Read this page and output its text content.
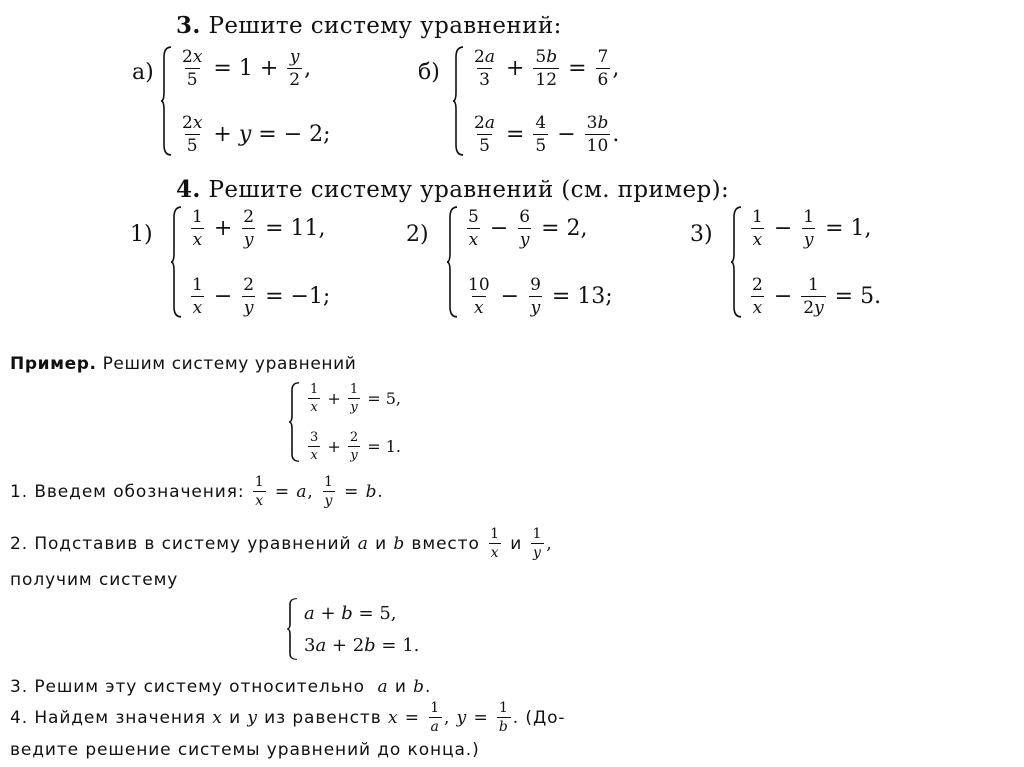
3. Решите систему уравнений:
$а) \frac{2x}{5} = 1 + \frac{y}{2}$ ,
$\frac{2x}{5} + y$ = − 2;
$б) \frac{2a}{3} + \frac{5b}{12} = \frac{7}{6}$ ,
$\frac{2a}{5} = \frac{4}{5} - \frac{3b}{10}$ .
4. Решите систему уравнений (см. пример):
$1) \frac{1}{x} + \frac{2}{y} = 11$,
$\frac{1}{x} - \frac{2}{y} = -1$;
$2) \frac{5}{x} - \frac{6}{y} = 2$,
$\frac{10}{x} - \frac{9}{y} = 13$;
$3) \frac{1}{x} - \frac{1}{y} = 1$,
$\frac{2}{x} - \frac{1}{2y} = 5$.
Пример. Решим систему уравнений
$\frac{1}{x} + \frac{1}{y} = 5$,
$\frac{3}{x} + \frac{2}{y} = 1$.
1. Введем обозначения:
$\frac{1}{x} = a$ , $\frac{1}{y} = b$ .
2. Подставив в систему уравнений a и b вместо
$\frac{1}{x}$
и
$\frac{1}{y}$ ,
получим систему
a + b = 5,
3 a + 2 b = 1.
3. Решим эту систему относительно  a и b.
4. Найдем значения x и y из равенств
$x = \frac{1}{a}$ , $y = \frac{1}{b}$ . (До-
ведите решение системы уравнений до конца.)
